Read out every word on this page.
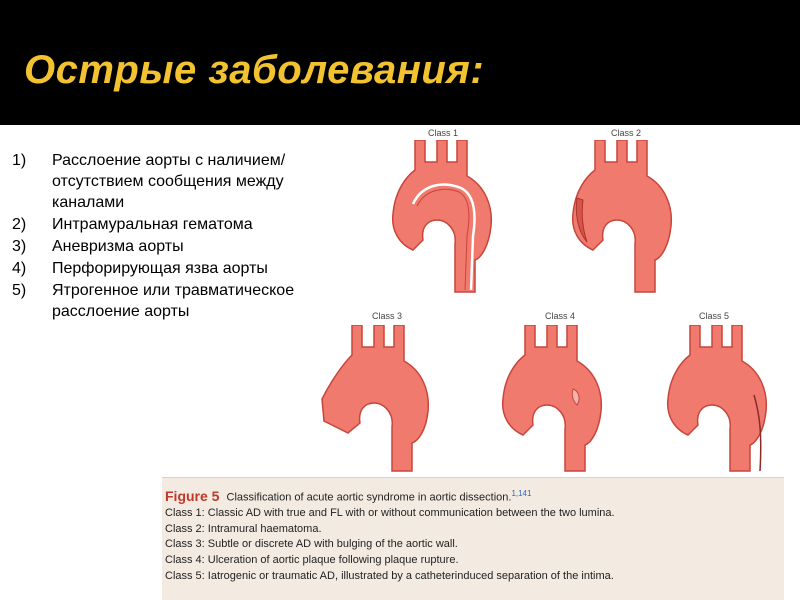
Острые заболевания:
1)	Расслоение аорты с наличием/отсутствием сообщения между каналами
2)	Интрамуральная гематома
3)	Аневризма аорты
4)	Перфорирующая язва аорты
5)	Ятрогенное или травматическое расслоение аорты
Class 1	Class 2
Class 3	Class 4	Class 5
Figure 5 Classification of acute aortic syndrome in aortic dissection.$^{1,141}$
Class 1: Classic AD with true and FL with or without communication between the two lumina.
Class 2: Intramural haematoma.
Class 3: Subtle or discrete AD with bulging of the aortic wall.
Class 4: Ulceration of aortic plaque following plaque rupture.
Class 5: Iatrogenic or traumatic AD, illustrated by a catheterinduced separation of the intima.
